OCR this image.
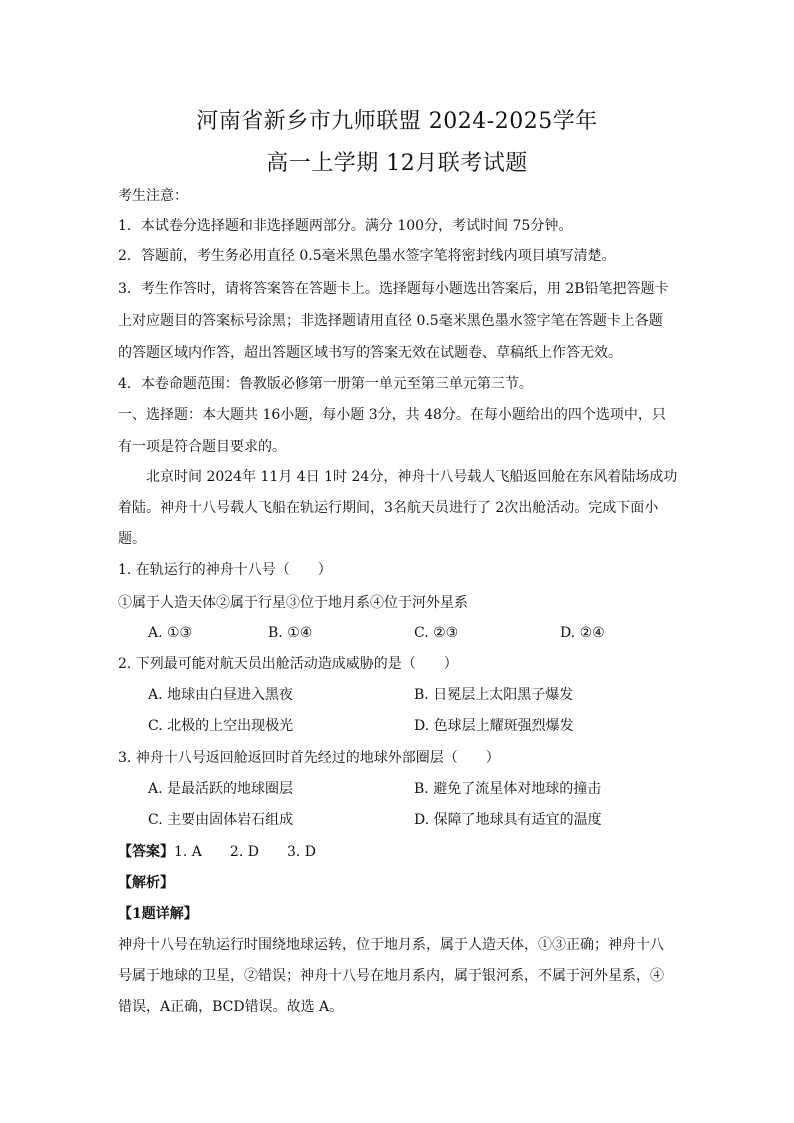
河南省新乡市九师联盟 2024-2025学年
高一上学期 12月联考试题
考生注意：
1．本试卷分选择题和非选择题两部分。满分 100分，考试时间 75分钟。
2．答题前，考生务必用直径 0.5毫米黑色墨水签字笔将密封线内项目填写清楚。
3．考生作答时，请将答案答在答题卡上。选择题每小题选出答案后，用 2B铅笔把答题卡
上对应题目的答案标号涂黑；非选择题请用直径 0.5毫米黑色墨水签字笔在答题卡上各题
的答题区域内作答，超出答题区域书写的答案无效在试题卷、草稿纸上作答无效。
4．本卷命题范围：鲁教版必修第一册第一单元至第三单元第三节。
一、选择题：本大题共 16小题，每小题 3分，共 48分。在每小题给出的四个选项中，只
有一项是符合题目要求的。
北京时间 2024年 11月 4日 1时 24分，神舟十八号载人飞船返回舱在东风着陆场成功
着陆。神舟十八号载人飞船在轨运行期间，3名航天员进行了 2次出舱活动。完成下面小
题。
1. 在轨运行的神舟十八号（　　）
①属于人造天体②属于行星③位于地月系④位于河外星系
A. ①③	B. ①④	C. ②③	D. ②④
2. 下列最可能对航天员出舱活动造成威胁的是（　　）
A. 地球由白昼进入黑夜	B. 日冕层上太阳黑子爆发
C. 北极的上空出现极光	D. 色球层上耀斑强烈爆发
3. 神舟十八号返回舱返回时首先经过的地球外部圈层（　　）
A. 是最活跃的地球圈层	B. 避免了流星体对地球的撞击
C. 主要由固体岩石组成	D. 保障了地球具有适宜的温度
【答案】1. A　　2. D　　3. D
【解析】
【1题详解】
神舟十八号在轨运行时围绕地球运转，位于地月系，属于人造天体，①③正确；神舟十八
号属于地球的卫星，②错误；神舟十八号在地月系内，属于银河系，不属于河外星系，④
错误，A正确，BCD错误。故选 A。
